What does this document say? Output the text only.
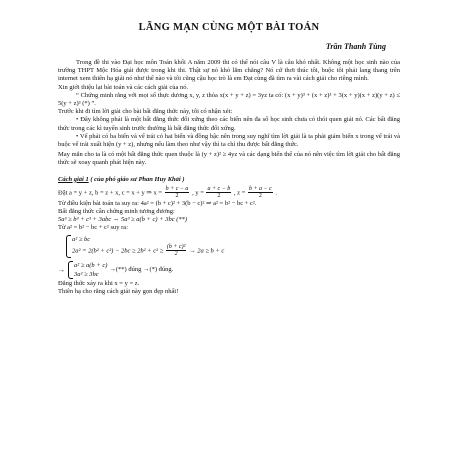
LÃNG MẠN CÙNG MỘT BÀI TOÁN
Trần Thanh Tùng

Trong đề thi vào Đại học môn Toán khối A năm 2009 thi có thể nói câu V là câu khó nhất. Không một học sinh nào của trường THPT Mộc Hóa giải được trong khi thi. Thật sự nó khó lắm chăng? Nó cứ thơi thúc tôi, buộc tôi phải lang thang trên internet xem thiên hạ giải nó như thế nào và tôi cũng cậu học trò là em Đạt cùng đã tìm ra vài cách giải cho riêng mình.

Xin giới thiệu lại bài toán và các cách giải của nó.

“ Chứng minh rằng với mọi số thực dương x, y, z thỏa x(x + y + z) = 3yz ta có: (x + y)³ + (x + z)³ + 3(x + y)(x + z)(y + z) ≤ 5(y + z)³ (*) ”.

Trước khi đi tìm lời giải cho bài bất đẳng thức này, tôi có nhận xét:

• Đây không phải là một bất đẳng thức đối xứng theo các biến nên đa số học sinh chưa có thói quen giải nó. Các bất đẳng thức trong các kì tuyển sinh trước thường là bất đẳng thức đối xứng.

• Vế phải có ba biến và vế trái có hai biến và đồng bậc nên trong suy nghĩ tìm lời giải là ta phải giảm biến x trong vế trái và buộc vế trái xuất hiện (y + z), nhưng nếu làm theo như vậy thì ta chỉ thu được bất đẳng thức.

May mắn cho ta là có một bất đẳng thức quen thuộc là (y + z)² ≥ 4yz và các dạng biến thể của nó nên việc tìm lời giải cho bất đẳng thức sẽ xoay quanh phát hiện này.

Cách giải 1 ( của phó giáo sư Phan Huy Khải )

Đặt a = y + z, b = z + x, c = x + y ⇒ $x = \frac{b + c - a}{2}$ , $y = \frac{a + c - b}{2}$ , $z = \frac{b + a - c}{2}$ .

Từ điều kiện bài toán ta suy ra: 4a² = (b + c)² + 3(b − c)² ⇒ a² = b² − bc + c².

Bất đẳng thức cần chứng minh tương đương:

5a³ ≥ b³ + c³ + 3abc ⇔ 5a³ ≥ a(b + c) + 3bc (**)

Từ a² = b² − bc + c² suy ra:

a² ≥ bc
$2a^2 = 2(b^2 + c^2) - 2bc \ge 2b^2 + c^2 \ge \frac{\text{(b + c)²}}{2} \to 2a \ge b + c$

→
a² ≥ a(b + c)
3a² ≥ 3bc
→(**) đúng →(*) đúng.

Đẳng thức xảy ra khi x = y = z.

Thiên hạ cho rằng cách giải này gọn đẹp nhất!
